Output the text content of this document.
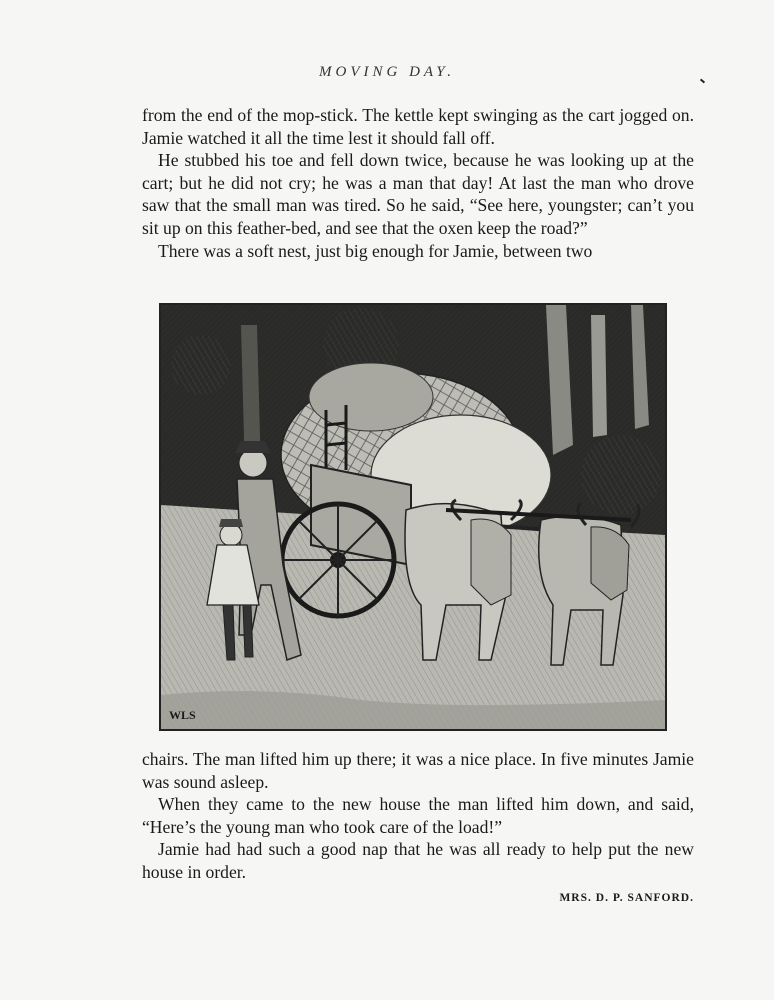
MOVING DAY.

from the end of the mop-stick. The kettle kept swinging as the cart jogged on. Jamie watched it all the time lest it should fall off.

He stubbed his toe and fell down twice, because he was looking up at the cart; but he did not cry; he was a man that day! At last the man who drove saw that the small man was tired. So he said, “See here, youngster; can’t you sit up on this feather-bed, and see that the oxen keep the road?”

There was a soft nest, just big enough for Jamie, between two

WLS

chairs. The man lifted him up there; it was a nice place. In five minutes Jamie was sound asleep.

When they came to the new house the man lifted him down, and said, “Here’s the young man who took care of the load!”

Jamie had had such a good nap that he was all ready to help put the new house in order.

MRS. D. P. SANFORD.
